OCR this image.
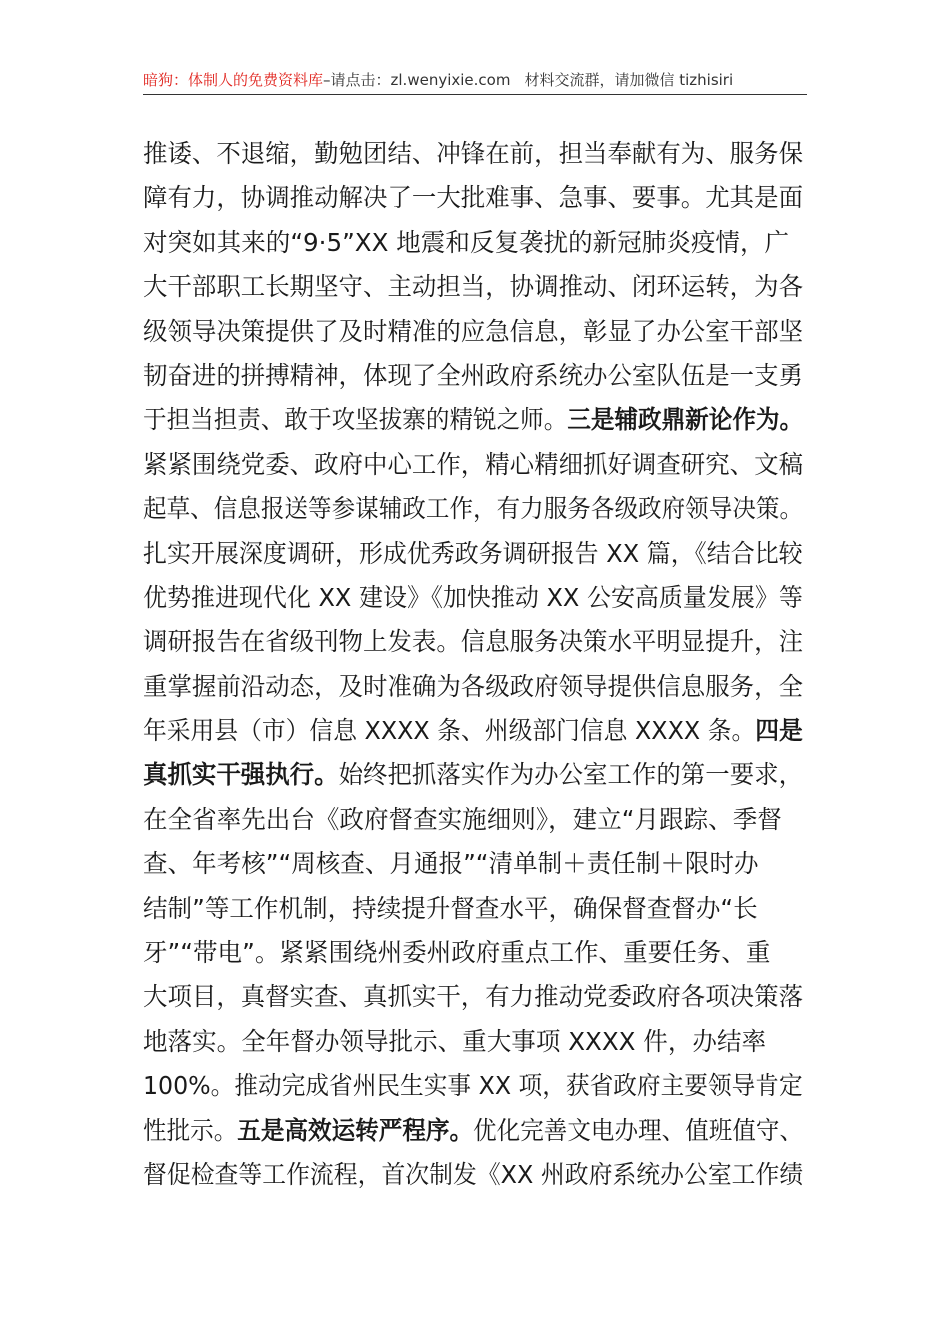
暗狗：体制人的免费资料库–请点击：zl.wenyixie.com 材料交流群，请加微信 tizhisiri
推诿、不退缩，勤勉团结、冲锋在前，担当奉献有为、服务保
障有力，协调推动解决了一大批难事、急事、要事。尤其是面
对突如其来的“9·5”XX 地震和反复袭扰的新冠肺炎疫情，广
大干部职工长期坚守、主动担当，协调推动、闭环运转，为各
级领导决策提供了及时精准的应急信息，彰显了办公室干部坚
韧奋进的拼搏精神，体现了全州政府系统办公室队伍是一支勇
于担当担责、敢于攻坚拔寨的精锐之师。三是辅政鼎新论作为。
紧紧围绕党委、政府中心工作，精心精细抓好调查研究、文稿
起草、信息报送等参谋辅政工作，有力服务各级政府领导决策。
扎实开展深度调研，形成优秀政务调研报告 XX 篇，《结合比较
优势推进现代化 XX 建设》《加快推动 XX 公安高质量发展》等
调研报告在省级刊物上发表。信息服务决策水平明显提升，注
重掌握前沿动态，及时准确为各级政府领导提供信息服务，全
年采用县（市）信息 XXXX 条、州级部门信息 XXXX 条。四是
真抓实干强执行。始终把抓落实作为办公室工作的第一要求，
在全省率先出台《政府督查实施细则》，建立“月跟踪、季督
查、年考核”“周核查、月通报”“清单制＋责任制＋限时办
结制”等工作机制，持续提升督查水平，确保督查督办“长
牙”“带电”。紧紧围绕州委州政府重点工作、重要任务、重
大项目，真督实查、真抓实干，有力推动党委政府各项决策落
地落实。全年督办领导批示、重大事项 XXXX 件，办结率
100%。推动完成省州民生实事 XX 项，获省政府主要领导肯定
性批示。五是高效运转严程序。优化完善文电办理、值班值守、
督促检查等工作流程，首次制发《XX 州政府系统办公室工作绩
